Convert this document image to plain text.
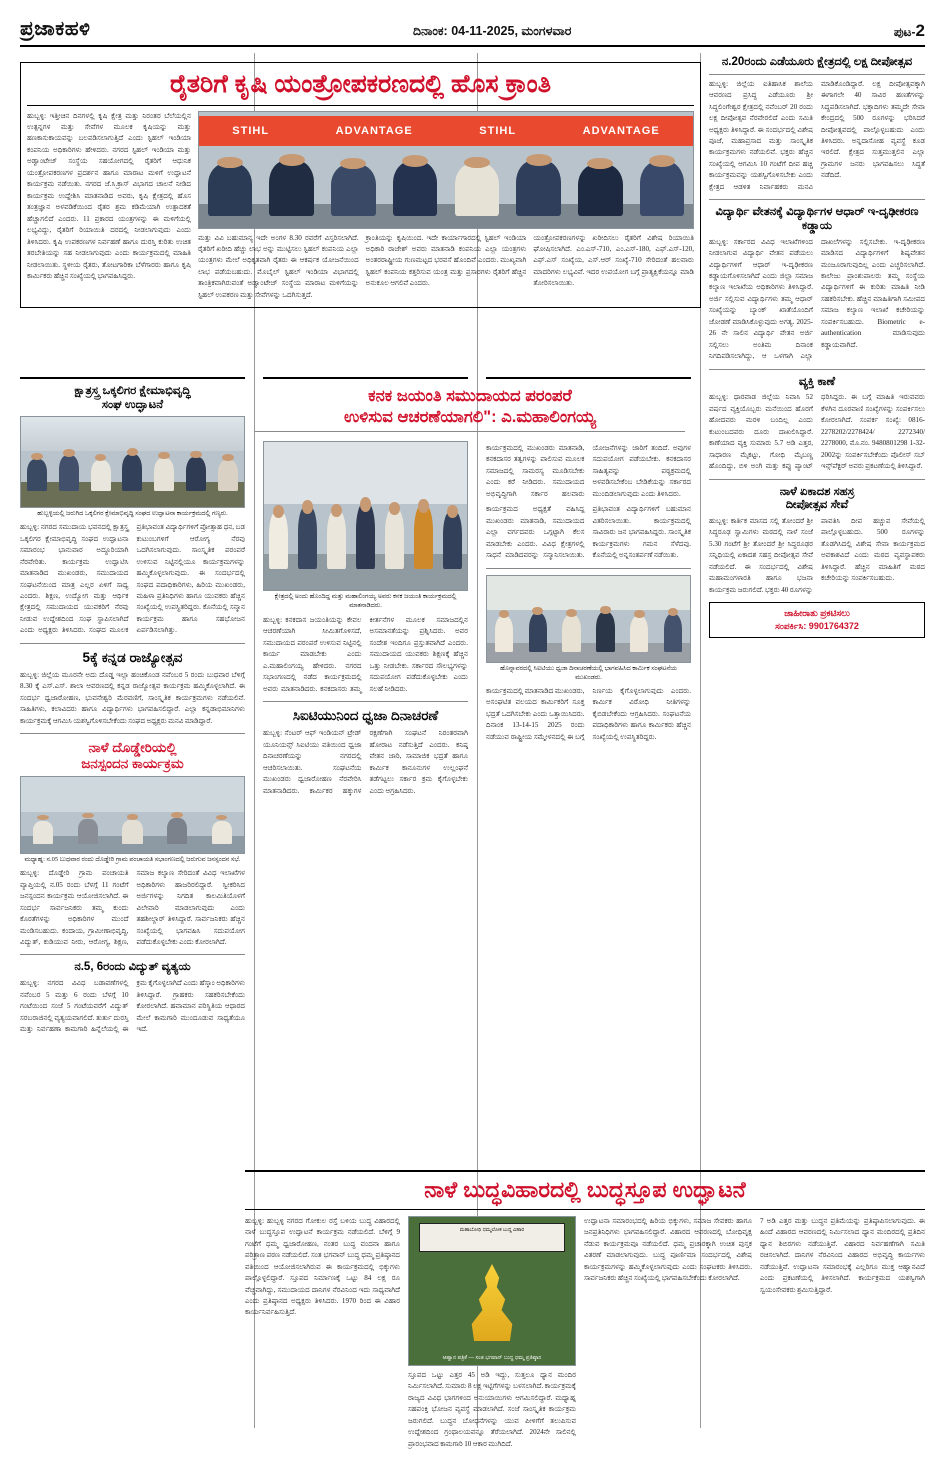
ಪ್ರಜಾಕಹಳಿ	ದಿನಾಂಕ: 04-11-2025, ಮಂಗಳವಾರ	ಪುಟ-2
ಕ್ಷಾತ್ರಸ್ತ್ರ ಒಕ್ಕಲಿಗರ ಕ್ಷೇಮಾಭಿವೃದ್ಧಿ
ಸಂಘ ಉದ್ಘಾಟನೆ
ಹುಬ್ಬಳ್ಳಿಯಲ್ಲಿ ಜರುಗಿದ ಒಕ್ಕಲಿಗರ ಕ್ಷೇಮಾಭಿವೃದ್ಧಿ ಸಂಘದ ಉದ್ಘಾಟನಾ ಕಾರ್ಯಕ್ರಮದಲ್ಲಿ ಗಣ್ಯರು.
ಹುಬ್ಬಳ್ಳಿ: ನಗರದ ಸಮುದಾಯ ಭವನದಲ್ಲಿ ಕ್ಷಾತ್ರಸ್ತ್ರ ಒಕ್ಕಲಿಗರ ಕ್ಷೇಮಾಭಿವೃದ್ಧಿ ಸಂಘದ ಉದ್ಘಾಟನಾ ಸಮಾರಂಭ ಭಾನುವಾರ ಅದ್ಧೂರಿಯಾಗಿ ನೆರವೇರಿತು. ಕಾರ್ಯಕ್ರಮ ಉದ್ಘಾಟಿಸಿ ಮಾತನಾಡಿದ ಮುಖಂಡರು, ಸಮುದಾಯದ ಸಂಘಟನೆಯಿಂದ ಮಾತ್ರ ಎಲ್ಲರ ಏಳಿಗೆ ಸಾಧ್ಯ ಎಂದರು. ಶಿಕ್ಷಣ, ಉದ್ಯೋಗ ಮತ್ತು ಆರ್ಥಿಕ ಕ್ಷೇತ್ರದಲ್ಲಿ ಸಮುದಾಯದ ಯುವಕರಿಗೆ ನೆರವು ನೀಡುವ ಉದ್ದೇಶದಿಂದ ಸಂಘ ಸ್ಥಾಪಿಸಲಾಗಿದೆ ಎಂದು ಅಧ್ಯಕ್ಷರು ತಿಳಿಸಿದರು. ಸಂಘದ ಮೂಲಕ ಪ್ರತಿಭಾವಂತ ವಿದ್ಯಾರ್ಥಿಗಳಿಗೆ ಪ್ರೋತ್ಸಾಹ ಧನ, ಬಡ ಕುಟುಂಬಗಳಿಗೆ ಆರೋಗ್ಯ ನೆರವು ಒದಗಿಸಲಾಗುವುದು. ಸಾಂಸ್ಕೃತಿಕ ಪರಂಪರೆ ಉಳಿಸುವ ನಿಟ್ಟಿನಲ್ಲಿಯೂ ಕಾರ್ಯಕ್ರಮಗಳನ್ನು ಹಮ್ಮಿಕೊಳ್ಳಲಾಗುವುದು. ಈ ಸಂದರ್ಭದಲ್ಲಿ ಸಂಘದ ಪದಾಧಿಕಾರಿಗಳು, ಹಿರಿಯ ಮುಖಂಡರು, ಮಹಿಳಾ ಪ್ರತಿನಿಧಿಗಳು ಹಾಗೂ ಯುವಕರು ಹೆಚ್ಚಿನ ಸಂಖ್ಯೆಯಲ್ಲಿ ಉಪಸ್ಥಿತರಿದ್ದರು. ಕೊನೆಯಲ್ಲಿ ಸನ್ಮಾನ ಕಾರ್ಯಕ್ರಮ ಹಾಗೂ ಸಹಭೋಜನ ಏರ್ಪಡಿಸಲಾಗಿತ್ತು.
5ಕ್ಕೆ ಕನ್ನಡ ರಾಜ್ಯೋತ್ಸವ
ಹುಬ್ಬಳ್ಳಿ: ಜಿಲ್ಲೆಯ ಮೂರನೇ ಅದು ದೊಡ್ಡ ಇಲ್ಲಾ ಹಂಚಿಕೊಂಡ ನವೆಂಬರ 5 ರಂದು ಬುಧವಾರ ಬೆಳಿಗ್ಗೆ 8.30 ಕ್ಕೆ ಎಸ್.ಎಸ್. ಶಾಲಾ ಆವರಣದಲ್ಲಿ ಕನ್ನಡ ರಾಜ್ಯೋತ್ಸವ ಕಾರ್ಯಕ್ರಮ ಹಮ್ಮಿಕೊಳ್ಳಲಾಗಿದೆ. ಈ ಸಂದರ್ಭ ಧ್ವಜಾರೋಹಣ, ಭುವನೇಶ್ವರಿ ಮೆರವಣಿಗೆ, ಸಾಂಸ್ಕೃತಿಕ ಕಾರ್ಯಕ್ರಮಗಳು ನಡೆಯಲಿವೆ. ಸಾಹಿತಿಗಳು, ಕಲಾವಿದರು ಹಾಗೂ ವಿದ್ಯಾರ್ಥಿಗಳು ಭಾಗವಹಿಸಲಿದ್ದಾರೆ. ಎಲ್ಲಾ ಕನ್ನಡಾಭಿಮಾನಿಗಳು ಕಾರ್ಯಕ್ರಮಕ್ಕೆ ಆಗಮಿಸಿ ಯಶಸ್ವಿಗೊಳಿಸಬೇಕೆಂದು ಸಂಘದ ಅಧ್ಯಕ್ಷರು ಮನವಿ ಮಾಡಿದ್ದಾರೆ.
ನಾಳೆ ದೊಡ್ಡೇರಿಯಲ್ಲಿ
ಜನಸ್ಪಂದನ ಕಾರ್ಯಕ್ರಮ
ಮಧ್ಯಾಹ್ನ: ನ.05 ಬುಧವಾರ ರಂದು ದೊಡ್ಡೇರಿ ಗ್ರಾಮ ಪಂಚಾಯತಿ ಸಭಾಂಗಣದಲ್ಲಿ ಜರುಗುವ ಜನಸ್ಪಂದನ ಸಭೆ.
ಹುಬ್ಬಳ್ಳಿ: ದೊಡ್ಡೇರಿ ಗ್ರಾಮ ಪಂಚಾಯತಿ ವ್ಯಾಪ್ತಿಯಲ್ಲಿ ನ.05 ರಂದು ಬೆಳಗ್ಗೆ 11 ಗಂಟೆಗೆ ಜನಸ್ಪಂದನ ಕಾರ್ಯಕ್ರಮ ಆಯೋಜಿಸಲಾಗಿದೆ. ಈ ಸಂದರ್ಭ ಸಾರ್ವಜನಿಕರು ತಮ್ಮ ಕುಂದು ಕೊರತೆಗಳನ್ನು ಅಧಿಕಾರಿಗಳ ಮುಂದೆ ಮಂಡಿಸಬಹುದು. ಕಂದಾಯ, ಗ್ರಾಮೀಣಾಭಿವೃದ್ಧಿ, ವಿದ್ಯುತ್, ಕುಡಿಯುವ ನೀರು, ಆರೋಗ್ಯ, ಶಿಕ್ಷಣ, ಸಮಾಜ ಕಲ್ಯಾಣ ಸೇರಿದಂತೆ ವಿವಿಧ ಇಲಾಖೆಗಳ ಅಧಿಕಾರಿಗಳು ಹಾಜರಿರಲಿದ್ದಾರೆ. ಸ್ವೀಕರಿಸಿದ ಅರ್ಜಿಗಳನ್ನು ನಿಗದಿತ ಕಾಲಮಿತಿಯೊಳಗೆ ವಿಲೇವಾರಿ ಮಾಡಲಾಗುವುದು ಎಂದು ತಹಶೀಲ್ದಾರ್ ತಿಳಿಸಿದ್ದಾರೆ. ಸಾರ್ವಜನಿಕರು ಹೆಚ್ಚಿನ ಸಂಖ್ಯೆಯಲ್ಲಿ ಭಾಗವಹಿಸಿ ಸದುಪಯೋಗ ಪಡೆದುಕೊಳ್ಳಬೇಕು ಎಂದು ಕೋರಲಾಗಿದೆ.
ನ.5, 6ರಂದು ವಿದ್ಯುತ್ ವ್ಯತ್ಯಯ
ಹುಬ್ಬಳ್ಳಿ: ನಗರದ ವಿವಿಧ ಬಡಾವಣೆಗಳಲ್ಲಿ ನವೆಂಬರ 5 ಮತ್ತು 6 ರಂದು ಬೆಳಗ್ಗೆ 10 ಗಂಟೆಯಿಂದ ಸಂಜೆ 5 ಗಂಟೆಯವರೆಗೆ ವಿದ್ಯುತ್ ಸರಬರಾಜಿನಲ್ಲಿ ವ್ಯತ್ಯಯವಾಗಲಿದೆ. ತುರ್ತು ದುರಸ್ತಿ ಮತ್ತು ನಿರ್ವಹಣಾ ಕಾಮಗಾರಿ ಹಿನ್ನೆಲೆಯಲ್ಲಿ ಈ ಕ್ರಮ ಕೈಗೊಳ್ಳಲಾಗಿದೆ ಎಂದು ಹೆಸ್ಕಾಂ ಅಧಿಕಾರಿಗಳು ತಿಳಿಸಿದ್ದಾರೆ. ಗ್ರಾಹಕರು ಸಹಕರಿಸಬೇಕೆಂದು ಕೋರಲಾಗಿದೆ. ಹವಾಮಾನ ಪರಿಸ್ಥಿತಿಯ ಆಧಾರದ ಮೇಲೆ ಕಾಮಗಾರಿ ಮುಂದೂಡುವ ಸಾಧ್ಯತೆಯೂ ಇದೆ.
ಕ್ಷೇತ್ರದಲ್ಲಿ ಅಂದು ಹೊಂದಿದ್ದ ಮತ್ತು ಮಹಾಲಿಂಗಯ್ಯ ಅವರು ಕನಕ ಜಯಂತಿ ಕಾರ್ಯಕ್ರಮದಲ್ಲಿ ಮಾತನಾಡಿದರು.
ಹುಬ್ಬಳ್ಳಿ: ಕನಕದಾಸ ಜಯಂತಿಯನ್ನು ಕೇವಲ ಆಚರಣೆಯಾಗಿ ಸೀಮಿತಗೊಳಿಸದೆ, ಸಮುದಾಯದ ಪರಂಪರೆ ಉಳಿಸುವ ನಿಟ್ಟಿನಲ್ಲಿ ಕಾರ್ಯ ಮಾಡಬೇಕು ಎಂದು ಎ.ಮಹಾಲಿಂಗಯ್ಯ ಹೇಳಿದರು. ನಗರದ ಸಭಾಂಗಣದಲ್ಲಿ ನಡೆದ ಕಾರ್ಯಕ್ರಮದಲ್ಲಿ ಅವರು ಮಾತನಾಡಿದರು. ಕನಕದಾಸರು ತಮ್ಮ ಕೀರ್ತನೆಗಳ ಮೂಲಕ ಸಮಾಜದಲ್ಲಿನ ಅಸಮಾನತೆಯನ್ನು ಪ್ರಶ್ನಿಸಿದರು. ಅವರ ಸಂದೇಶ ಇಂದಿಗೂ ಪ್ರಸ್ತುತವಾಗಿದೆ ಎಂದರು. ಸಮುದಾಯದ ಯುವಕರು ಶಿಕ್ಷಣಕ್ಕೆ ಹೆಚ್ಚಿನ ಒತ್ತು ನೀಡಬೇಕು. ಸರ್ಕಾರದ ಸೌಲಭ್ಯಗಳನ್ನು ಸದುಪಯೋಗ ಪಡೆದುಕೊಳ್ಳಬೇಕು ಎಂದು ಸಲಹೆ ನೀಡಿದರು.
ಸಿಐಟಿಯುನಿಂದ ಧ್ವಜಾ ದಿನಾಚರಣೆ
ಹುಬ್ಬಳ್ಳಿ: ಸೆಂಟರ್ ಆಫ್ ಇಂಡಿಯನ್ ಟ್ರೇಡ್ ಯೂನಿಯನ್ಸ್ ಸಿಐಟಿಯು ವತಿಯಿಂದ ಧ್ವಜಾ ದಿನಾಚರಣೆಯನ್ನು ನಗರದಲ್ಲಿ ಆಚರಿಸಲಾಯಿತು. ಸಂಘಟನೆಯ ಮುಖಂಡರು ಧ್ವಜಾರೋಹಣ ನೆರವೇರಿಸಿ ಮಾತನಾಡಿದರು. ಕಾರ್ಮಿಕರ ಹಕ್ಕುಗಳ ರಕ್ಷಣೆಗಾಗಿ ಸಂಘಟನೆ ನಿರಂತರವಾಗಿ ಹೋರಾಟ ನಡೆಸುತ್ತಿದೆ ಎಂದರು. ಕನಿಷ್ಠ ವೇತನ ಜಾರಿ, ಸಾಮಾಜಿಕ ಭದ್ರತೆ ಹಾಗೂ ಕಾರ್ಮಿಕ ಕಾನೂನುಗಳ ಉಲ್ಲಂಘನೆ ತಡೆಗಟ್ಟಲು ಸರ್ಕಾರ ಕ್ರಮ ಕೈಗೊಳ್ಳಬೇಕು ಎಂದು ಆಗ್ರಹಿಸಿದರು.
ಕಾರ್ಯಕ್ರಮದಲ್ಲಿ ಮುಖಂಡರು ಮಾತನಾಡಿ, ಕನಕದಾಸರ ತತ್ವಗಳನ್ನು ಪಾಲಿಸುವ ಮೂಲಕ ಸಮಾಜದಲ್ಲಿ ಸಾಮರಸ್ಯ ಮೂಡಿಸಬೇಕು ಎಂದು ಕರೆ ನೀಡಿದರು. ಸಮುದಾಯದ ಅಭಿವೃದ್ಧಿಗಾಗಿ ಸರ್ಕಾರ ಹಲವಾರು ಯೋಜನೆಗಳನ್ನು ಜಾರಿಗೆ ತಂದಿದೆ. ಅವುಗಳ ಸದುಪಯೋಗ ಪಡೆಯಬೇಕು. ಕನಕದಾಸರ ಸಾಹಿತ್ಯವನ್ನು ಪಠ್ಯಕ್ರಮದಲ್ಲಿ ಅಳವಡಿಸಬೇಕೆಂಬ ಬೇಡಿಕೆಯನ್ನು ಸರ್ಕಾರದ ಮುಂದಿಡಲಾಗುವುದು ಎಂದು ತಿಳಿಸಿದರು.
ಕಾರ್ಯಕ್ರಮದ ಅಧ್ಯಕ್ಷತೆ ವಹಿಸಿದ್ದ ಮುಖಂಡರು ಮಾತನಾಡಿ, ಸಮುದಾಯದ ಎಲ್ಲಾ ವರ್ಗದವರು ಒಗ್ಗಟ್ಟಾಗಿ ಕೆಲಸ ಮಾಡಬೇಕು ಎಂದರು. ವಿವಿಧ ಕ್ಷೇತ್ರಗಳಲ್ಲಿ ಸಾಧನೆ ಮಾಡಿದವರನ್ನು ಸನ್ಮಾನಿಸಲಾಯಿತು. ಪ್ರತಿಭಾವಂತ ವಿದ್ಯಾರ್ಥಿಗಳಿಗೆ ಬಹುಮಾನ ವಿತರಿಸಲಾಯಿತು. ಕಾರ್ಯಕ್ರಮದಲ್ಲಿ ಸಾವಿರಾರು ಜನ ಭಾಗವಹಿಸಿದ್ದರು. ಸಾಂಸ್ಕೃತಿಕ ಕಾರ್ಯಕ್ರಮಗಳು ಗಮನ ಸೆಳೆದವು. ಕೊನೆಯಲ್ಲಿ ಅನ್ನಸಂತರ್ಪಣೆ ನಡೆಯಿತು.
ಹೊನ್ನಾವರದಲ್ಲಿ ಸಿಐಟಿಯು ಧ್ವಜಾ ದಿನಾಚರಣೆಯಲ್ಲಿ ಭಾಗವಹಿಸಿದ ಕಾರ್ಮಿಕ ಸಂಘಟನೆಯ ಮುಖಂಡರು.
ಕಾರ್ಯಕ್ರಮದಲ್ಲಿ ಮಾತನಾಡಿದ ಮುಖಂಡರು, ಅಸಂಘಟಿತ ವಲಯದ ಕಾರ್ಮಿಕರಿಗೆ ಸೂಕ್ತ ಭದ್ರತೆ ಒದಗಿಸಬೇಕು ಎಂದು ಒತ್ತಾಯಿಸಿದರು. ದಿನಾಂಕ 13-14-15 2025 ರಂದು ನಡೆಯುವ ರಾಷ್ಟ್ರೀಯ ಸಮ್ಮೇಳನದಲ್ಲಿ ಈ ಬಗ್ಗೆ ನಿರ್ಣಯ ಕೈಗೊಳ್ಳಲಾಗುವುದು ಎಂದರು. ಕಾರ್ಮಿಕ ವಿರೋಧಿ ನೀತಿಗಳನ್ನು ಕೈಬಿಡಬೇಕೆಂದು ಆಗ್ರಹಿಸಿದರು. ಸಂಘಟನೆಯ ಪದಾಧಿಕಾರಿಗಳು ಹಾಗೂ ಕಾರ್ಮಿಕರು ಹೆಚ್ಚಿನ ಸಂಖ್ಯೆಯಲ್ಲಿ ಉಪಸ್ಥಿತರಿದ್ದರು.
ನ.20ರಂದು ಎಡೆಯೂರು ಕ್ಷೇತ್ರದಲ್ಲಿ ಲಕ್ಷ ದೀಪೋತ್ಸವ
ಹುಬ್ಬಳ್ಳಿ: ಜಿಲ್ಲೆಯ ಐತಿಹಾಸಿಕ ಶಾಲೆಯ ಆವರಣದ ಪ್ರಸಿದ್ಧ ಎಡೆಯೂರು ಶ್ರೀ ಸಿದ್ಧಲಿಂಗೇಶ್ವರ ಕ್ಷೇತ್ರದಲ್ಲಿ ನವೆಂಬರ್ 20 ರಂದು ಲಕ್ಷ ದೀಪೋತ್ಸವ ನೆರವೇರಲಿದೆ ಎಂದು ಸಮಿತಿ ಅಧ್ಯಕ್ಷರು ತಿಳಿಸಿದ್ದಾರೆ. ಈ ಸಂದರ್ಭದಲ್ಲಿ ವಿಶೇಷ ಪೂಜೆ, ಮಹಾಪ್ರಸಾದ ಮತ್ತು ಸಾಂಸ್ಕೃತಿಕ ಕಾರ್ಯಕ್ರಮಗಳು ನಡೆಯಲಿವೆ. ಭಕ್ತರು ಹೆಚ್ಚಿನ ಸಂಖ್ಯೆಯಲ್ಲಿ ಆಗಮಿಸಿ 10 ಗಂಟೆಗೆ ದೀಪ ಹಚ್ಚಿ ಕಾರ್ಯಕ್ರಮವನ್ನು ಯಶಸ್ವಿಗೊಳಿಸಬೇಕು ಎಂದು ಕ್ಷೇತ್ರದ ಆಡಳಿತ ನಿರ್ವಾಹಕರು ಮನವಿ ಮಾಡಿಕೊಂಡಿದ್ದಾರೆ. ಲಕ್ಷ ದೀಪೋತ್ಸವಕ್ಕಾಗಿ ಈಗಾಗಲೇ 40 ಸಾವಿರ ಹಣತೆಗಳನ್ನು ಸಿದ್ಧಪಡಿಸಲಾಗಿದೆ. ಭಕ್ತಾದಿಗಳು ತಮ್ಮದೇ ಸೇವಾ ಕೇಂದ್ರದಲ್ಲಿ 500 ರೂಗಳನ್ನು ಭರಿಸಿದರೆ ದೀಪೋತ್ಸವದಲ್ಲಿ ಪಾಲ್ಗೊಳ್ಳಬಹುದು ಎಂದು ತಿಳಿಸಿದರು. ಅನ್ನದಾಸೋಹ ವ್ಯವಸ್ಥೆ ಕೂಡ ಇರಲಿದೆ. ಕ್ಷೇತ್ರದ ಸುತ್ತಮುತ್ತಲಿನ ಎಲ್ಲಾ ಗ್ರಾಮಗಳ ಜನರು ಭಾಗವಹಿಸಲು ಸಿದ್ಧತೆ ನಡೆದಿದೆ.
ವಿದ್ಯಾರ್ಥಿ ವೇತನಕ್ಕೆ ವಿದ್ಯಾರ್ಥಿಗಳ ಆಧಾರ್ ಇ-ದೃಢೀಕರಣ ಕಡ್ಡಾಯ
ಹುಬ್ಬಳ್ಳಿ: ಸರ್ಕಾರದ ವಿವಿಧ ಇಲಾಖೆಗಳಿಂದ ನೀಡಲಾಗುವ ವಿದ್ಯಾರ್ಥಿ ವೇತನ ಪಡೆಯಲು ವಿದ್ಯಾರ್ಥಿಗಳಿಗೆ ಆಧಾರ್ ಇ-ದೃಢೀಕರಣ ಕಡ್ಡಾಯಗೊಳಿಸಲಾಗಿದೆ ಎಂದು ಜಿಲ್ಲಾ ಸಮಾಜ ಕಲ್ಯಾಣ ಇಲಾಖೆಯ ಅಧಿಕಾರಿಗಳು ತಿಳಿಸಿದ್ದಾರೆ. ಅರ್ಜಿ ಸಲ್ಲಿಸುವ ವಿದ್ಯಾರ್ಥಿಗಳು ತಮ್ಮ ಆಧಾರ್ ಸಂಖ್ಯೆಯನ್ನು ಬ್ಯಾಂಕ್ ಖಾತೆಯೊಂದಿಗೆ ಜೋಡಣೆ ಮಾಡಿಸಿಕೊಳ್ಳುವುದು ಅಗತ್ಯ. 2025-26 ನೇ ಸಾಲಿನ ವಿದ್ಯಾರ್ಥಿ ವೇತನ ಅರ್ಜಿ ಸಲ್ಲಿಸಲು ಅಂತಿಮ ದಿನಾಂಕ ನಿಗದಿಪಡಿಸಲಾಗಿದ್ದು, ಆ ಒಳಗಾಗಿ ಎಲ್ಲಾ ದಾಖಲೆಗಳನ್ನು ಸಲ್ಲಿಸಬೇಕು. ಇ-ದೃಢೀಕರಣ ಮಾಡಿಸದ ವಿದ್ಯಾರ್ಥಿಗಳಿಗೆ ಶಿಷ್ಯವೇತನ ಮಂಜೂರಾಗುವುದಿಲ್ಲ ಎಂದು ಎಚ್ಚರಿಸಲಾಗಿದೆ. ಕಾಲೇಜು ಪ್ರಾಂಶುಪಾಲರು ತಮ್ಮ ಸಂಸ್ಥೆಯ ವಿದ್ಯಾರ್ಥಿಗಳಿಗೆ ಈ ಕುರಿತು ಮಾಹಿತಿ ನೀಡಿ ಸಹಕರಿಸಬೇಕು. ಹೆಚ್ಚಿನ ಮಾಹಿತಿಗಾಗಿ ಸಮೀಪದ ಸಮಾಜ ಕಲ್ಯಾಣ ಇಲಾಖೆ ಕಚೇರಿಯನ್ನು ಸಂಪರ್ಕಿಸಬಹುದು. Biometric e-authentication ಮಾಡಿಸುವುದು ಕಡ್ಡಾಯವಾಗಿದೆ.
ವ್ಯಕ್ತಿ ಕಾಣೆ
ಹುಬ್ಬಳ್ಳಿ: ಧಾರವಾಡ ಜಿಲ್ಲೆಯ ನಿವಾಸಿ 52 ವರ್ಷದ ವ್ಯಕ್ತಿಯೊಬ್ಬರು ಮನೆಯಿಂದ ಹೊರಗೆ ಹೋದವರು ಮರಳಿ ಬಂದಿಲ್ಲ ಎಂದು ಕುಟುಂಬದವರು ದೂರು ದಾಖಲಿಸಿದ್ದಾರೆ. ಕಾಣೆಯಾದ ವ್ಯಕ್ತಿ ಸುಮಾರು 5.7 ಅಡಿ ಎತ್ತರ, ಸಾಧಾರಣ ಮೈಕಟ್ಟು, ಗೋಧಿ ಮೈಬಣ್ಣ ಹೊಂದಿದ್ದು, ಬಿಳಿ ಅಂಗಿ ಮತ್ತು ಕಪ್ಪು ಪ್ಯಾಂಟ್ ಧರಿಸಿದ್ದರು. ಈ ಬಗ್ಗೆ ಮಾಹಿತಿ ಇರುವವರು ಕೆಳಗಿನ ದೂರವಾಣಿ ಸಂಖ್ಯೆಗಳನ್ನು ಸಂಪರ್ಕಿಸಲು ಕೋರಲಾಗಿದೆ. ಸಂಪರ್ಕ ಸಂಖ್ಯೆ: 0816-2278202/2278424/ 2272340/ 2278000, ಮೊ.ನಂ. 9480801298 1-32-2002ನ್ನು ಸಂಪರ್ಕಿಸಬೇಕೆಂದು ಪೊಲೀಸ್ ಸಬ್ ಇನ್ಸ್‌ಪೆಕ್ಟರ್ ಅವರು ಪ್ರಕಟಣೆಯಲ್ಲಿ ತಿಳಿಸಿದ್ದಾರೆ.
ನಾಳೆ ಏಕಾದಶ ಸಹಸ್ರ
ದೀಪೋತ್ಸವ ಸೇವೆ
ಹುಬ್ಬಳ್ಳಿ: ಕಾರ್ತಿಕ ಮಾಸದ ಸಲ್ಲಿ ತೋಂದರೆ ಶ್ರೀ ಸಿದ್ಧರೂಢ ಸ್ವಾಮಿಗಳು ಮಠದಲ್ಲಿ ನಾಳೆ ಸಂಜೆ 5.30 ಗಂಟೆಗೆ ಶ್ರೀ ತೋಂದರೆ ಶ್ರೀ ಸಿದ್ಧರೂಢರ ಸನ್ನಿಧಿಯಲ್ಲಿ ಏಕಾದಶ ಸಹಸ್ರ ದೀಪೋತ್ಸವ ಸೇವೆ ನಡೆಯಲಿದೆ. ಈ ಸಂದರ್ಭದಲ್ಲಿ ವಿಶೇಷ ಮಹಾಮಂಗಳಾರತಿ ಹಾಗೂ ಭಜನಾ ಕಾರ್ಯಕ್ರಮ ಜರುಗಲಿದೆ. ಭಕ್ತರು 40 ರೂಗಳನ್ನು ಪಾವತಿಸಿ ದೀಪ ಹಚ್ಚುವ ಸೇವೆಯಲ್ಲಿ ಪಾಲ್ಗೊಳ್ಳಬಹುದು. 500 ರೂಗಳನ್ನು ತೊಡಗಿಸಿದಲ್ಲಿ ವಿಶೇಷ ಸೇವಾ ಕಾರ್ಯಕ್ರಮದ ಅವಕಾಶವಿದೆ ಎಂದು ಮಠದ ವ್ಯವಸ್ಥಾಪಕರು ತಿಳಿಸಿದ್ದಾರೆ. ಹೆಚ್ಚಿನ ಮಾಹಿತಿಗೆ ಮಠದ ಕಚೇರಿಯನ್ನು ಸಂಪರ್ಕಿಸಬಹುದು.
ಜಾಹೀರಾತು ಪ್ರಕಟಿಸಲು
ಸಂಪರ್ಕಿಸಿ: 9901764372
ರೈತರಿಗೆ ಕೃಷಿ ಯಂತ್ರೋಪಕರಣದಲ್ಲಿ ಹೊಸ ಕ್ರಾಂತಿ
ಹುಬ್ಬಳ್ಳಿ: ಇತ್ತೀಚಿನ ದಿನಗಳಲ್ಲಿ ಕೃಷಿ ಕ್ಷೇತ್ರ ಮತ್ತು ನಿರಂತರ ಬೆಲೆಯಲ್ಲಿನ ಉತ್ಪನ್ನಗಳ ಮತ್ತು ಸೇವೆಗಳ ಮೂಲಕ ಕೃಷಿಯನ್ನು ಮತ್ತು ಹಣಕಾಸುಕಾಯವನ್ನು ಬಲಪಡಿಸಲಾಗುತ್ತಿದೆ ಎಂದು ಸ್ಟಿಹಲ್ ಇಂಡಿಯಾ ಕಂಪನಿಯ ಅಧಿಕಾರಿಗಳು ಹೇಳಿದರು. ನಗರದ ಸ್ಟಿಹಲ್ ಇಂಡಿಯಾ ಮತ್ತು ಅಡ್ವಾಂಟೇಜ್ ಸಂಸ್ಥೆಯ ಸಹಯೋಗದಲ್ಲಿ ರೈತರಿಗೆ ಆಧುನಿಕ ಯಂತ್ರೋಪಕರಣಗಳ ಪ್ರದರ್ಶನ ಹಾಗೂ ಮಾರಾಟ ಮಳಿಗೆ ಉದ್ಘಾಟನೆ ಕಾರ್ಯಕ್ರಮ ನಡೆಯಿತು. ನಗರದ ಜೆ.ಸಿ.ಕ್ರಾಸ್ ವಿಭಾಗದ ಚಾಲನೆ ನೀಡಿದ ಕಾರ್ಯಕ್ರಮ ಉದ್ದೇಶಿಸಿ ಮಾತನಾಡಿದ ಅವರು, ಕೃಷಿ ಕ್ಷೇತ್ರದಲ್ಲಿ ಹೊಸ ತಂತ್ರಜ್ಞಾನ ಅಳವಡಿಕೆಯಿಂದ ರೈತರ ಶ್ರಮ ಕಡಿಮೆಯಾಗಿ ಉತ್ಪಾದಕತೆ ಹೆಚ್ಚಾಗಲಿದೆ ಎಂದರು. 11 ಪ್ರಕಾರದ ಯಂತ್ರಗಳನ್ನು ಈ ಮಳಿಗೆಯಲ್ಲಿ ಲಭ್ಯವಿದ್ದು, ರೈತರಿಗೆ ರಿಯಾಯಿತಿ ದರದಲ್ಲಿ ನೀಡಲಾಗುವುದು ಎಂದು ತಿಳಿಸಿದರು. ಕೃಷಿ ಉಪಕರಣಗಳ ನಿರ್ವಹಣೆ ಹಾಗೂ ದುರಸ್ತಿ ಕುರಿತು ಉಚಿತ ತರಬೇತಿಯನ್ನು ಸಹ ನೀಡಲಾಗುವುದು ಎಂದು ಕಾರ್ಯಕ್ರಮದಲ್ಲಿ ಮಾಹಿತಿ ನೀಡಲಾಯಿತು. ಸ್ಥಳೀಯ ರೈತರು, ತೋಟಗಾರಿಕಾ ಬೆಳೆಗಾರರು ಹಾಗೂ ಕೃಷಿ ಕಾರ್ಮಿಕರು ಹೆಚ್ಚಿನ ಸಂಖ್ಯೆಯಲ್ಲಿ ಭಾಗವಹಿಸಿದ್ದರು.
STIHL	ADVANTAGE	STIHL	ADVANTAGE
ಮತ್ತು ವಿವಿ ಬಹುಮಾನ್ಯ ಇದೇ ಅಂಗಳ 8.30 ರವರೆಗೆ ವಿಸ್ತರಿಸಲಾಗಿದೆ. ರೈತರಿಗೆ ಖರೀದಿ ಹೆಚ್ಚು ಲಾಭ ಅನ್ನು ಮುಟ್ಟಿಸಲು ಸ್ಟಿಹಲ್ ಕಂಪನಿಯ ಎಲ್ಲಾ ಯಂತ್ರಗಳು ಮೇಲೆ ಅಧಿಕೃತವಾಗಿ ರೈತರು ಈ ಆಕರ್ಷಕ ಯೋಜನೆಯಿಂದ ಲಾಭ ಪಡೆಯಬಹುದು. ಮೊಬೈಲ್ ಸ್ಟಿಹಲ್ ಇಂಡಿಯಾ ವಿಭಾಗದಲ್ಲಿ ತಾಂತ್ರಿಕವಾಗಿರುವಂತೆ ಅಡ್ವಾಂಟೇಜ್ ಸಂಸ್ಥೆಯ ಮಾರಾಟ ಮಳಿಗೆಯನ್ನು ಸ್ಟಿಹಲ್ ಉಪಕರಣ ಮತ್ತು ಸೇವೆಗಳನ್ನು ಒದಗಿಸುತ್ತದೆ.
ಕ್ರಾಂತಿಯನ್ನು ಕೃಷಿಯಿಂದ. ಇದೇ ಕಾರ್ಯಾಗಾರದಲ್ಲಿ ಸ್ಟಿಹಲ್ ಇಂಡಿಯಾ ಅಧಿಕಾರಿ ರಾಜೇಶ್ ಅವರು ಮಾತನಾಡಿ ಕಂಪನಿಯ ಎಲ್ಲಾ ಯಂತ್ರಗಳು ಅಂತರರಾಷ್ಟ್ರೀಯ ಗುಣಮಟ್ಟದ ಭರವಸೆ ಹೊಂದಿವೆ ಎಂದರು. ಮುಖ್ಯವಾಗಿ ಸ್ಟಿಹಲ್ ಕಂಪನಿಯ ಕತ್ತರಿಸುವ ಯಂತ್ರ ಮತ್ತು ಪ್ರಸಾರಗಳು ರೈತರಿಗೆ ಹೆಚ್ಚಿನ ಅನುಕೂಲ ಆಗಲಿವೆ ಎಂದರು.
ಯಂತ್ರೋಪಕರಣಗಳನ್ನು ಖರೀದಿಸಲು ರೈತರಿಗೆ ವಿಶೇಷ ರಿಯಾಯಿತಿ ಘೋಷಿಸಲಾಗಿದೆ. ಎಂ.ಎಸ್-710, ಎಂ.ಎಸ್-180, ಎಫ್.ಎಸ್-120, ಎಫ್.ಎಸ್ ಸಂಖ್ಯೆಯ, ಎಸ್.ಆರ್ ಸಂಖ್ಯೆ-710 ಸೇರಿದಂತೆ ಹಲವಾರು ಮಾದರಿಗಳು ಲಭ್ಯವಿವೆ. ಇದರ ಉಪಯೋಗ ಬಗ್ಗೆ ಪ್ರಾತ್ಯಕ್ಷಿಕೆಯನ್ನೂ ಮಾಡಿ ತೋರಿಸಲಾಯಿತು.
ಕನಕ ಜಯಂತಿ ಸಮುದಾಯದ ಪರಂಪರೆ
ಉಳಿಸುವ ಆಚರಣೆಯಾಗಲಿ": ಎ.ಮಹಾಲಿಂಗಯ್ಯ
ನಾಳೆ ಬುದ್ಧವಿಹಾರದಲ್ಲಿ ಬುದ್ಧಸ್ತೂಪ ಉದ್ಘಾಟನೆ
ಹುಬ್ಬಳ್ಳಿ: ಹುಬ್ಬಳ್ಳಿ ನಗರದ ಗೋಕುಲ ರಸ್ತೆ ಬಳಿಯ ಬುದ್ಧ ವಿಹಾರದಲ್ಲಿ ನಾಳೆ ಬುದ್ಧಸ್ತೂಪ ಉದ್ಘಾಟನೆ ಕಾರ್ಯಕ್ರಮ ನಡೆಯಲಿದೆ. ಬೆಳಿಗ್ಗೆ 9 ಗಂಟೆಗೆ ಧಮ್ಮ ಧ್ವಜಾರೋಹಣ, ನಂತರ ಬುದ್ಧ ವಂದನಾ ಹಾಗೂ ಪರಿತ್ರಾಣ ಪಠಣ ನಡೆಯಲಿದೆ. ಸಂತ ಭಗವಾನ್ ಬುದ್ಧ ಧಮ್ಮ ಪ್ರತಿಷ್ಠಾನದ ವತಿಯಿಂದ ಆಯೋಜಿಸಲಾಗಿರುವ ಈ ಕಾರ್ಯಕ್ರಮದಲ್ಲಿ ಭಿಕ್ಕುಗಳು ಪಾಲ್ಗೊಳ್ಳಲಿದ್ದಾರೆ. ಸ್ತೂಪದ ನಿರ್ಮಾಣಕ್ಕೆ ಒಟ್ಟು 84 ಲಕ್ಷ ರೂ ವೆಚ್ಚವಾಗಿದ್ದು, ಸಮುದಾಯದ ದಾನಿಗಳ ನೆರವಿನಿಂದ ಇದು ಸಾಧ್ಯವಾಗಿದೆ ಎಂದು ಪ್ರತಿಷ್ಠಾನದ ಅಧ್ಯಕ್ಷರು ತಿಳಿಸಿದರು. 1970 ರಿಂದ ಈ ವಿಹಾರ ಕಾರ್ಯನಿರ್ವಹಿಸುತ್ತಿದೆ.
ಮಹಾಬೋಧಿ ಧಮ್ಮಲೋಕ ಬುದ್ಧ ವಿಹಾರ
ಆಹ್ವಾನ ಪತ್ರಿಕೆ — ಸಂತ ಭಗವಾನ್ ಬುದ್ಧ ಧಮ್ಮ ಪ್ರತಿಷ್ಠಾನ
ಸ್ತೂಪದ ಒಟ್ಟು ಎತ್ತರ 45 ಅಡಿ ಇದ್ದು, ಸುತ್ತಲೂ ಧ್ಯಾನ ಮಂದಿರ ನಿರ್ಮಿಸಲಾಗಿದೆ. ಸುಮಾರು 8 ಲಕ್ಷ ಇಟ್ಟಿಗೆಗಳನ್ನು ಬಳಸಲಾಗಿದೆ. ಕಾರ್ಯಕ್ರಮಕ್ಕೆ ರಾಜ್ಯದ ವಿವಿಧ ಭಾಗಗಳಿಂದ ಅನುಯಾಯಿಗಳು ಆಗಮಿಸಲಿದ್ದಾರೆ. ಮಧ್ಯಾಹ್ನ ಸಹಪಂಕ್ತಿ ಭೋಜನ ವ್ಯವಸ್ಥೆ ಮಾಡಲಾಗಿದೆ. ಸಂಜೆ ಸಾಂಸ್ಕೃತಿಕ ಕಾರ್ಯಕ್ರಮ ಜರುಗಲಿದೆ. ಬುದ್ಧನ ಬೋಧನೆಗಳನ್ನು ಯುವ ಪೀಳಿಗೆಗೆ ತಲುಪಿಸುವ ಉದ್ದೇಶದಿಂದ ಗ್ರಂಥಾಲಯವನ್ನೂ ತೆರೆಯಲಾಗಿದೆ. 2024ನೇ ಸಾಲಿನಲ್ಲಿ ಪ್ರಾರಂಭವಾದ ಕಾಮಗಾರಿ 10 ಆಕಾರ ಮುಗಿದಿದೆ.
ಉದ್ಘಾಟನಾ ಸಮಾರಂಭದಲ್ಲಿ ಹಿರಿಯ ಭಿಕ್ಕುಗಳು, ಸಮಾಜ ಸೇವಕರು ಹಾಗೂ ಜನಪ್ರತಿನಿಧಿಗಳು ಭಾಗವಹಿಸಲಿದ್ದಾರೆ. ವಿಹಾರದ ಆವರಣದಲ್ಲಿ ಬೋಧಿವೃಕ್ಷ ನೆಡುವ ಕಾರ್ಯಕ್ರಮವೂ ನಡೆಯಲಿದೆ. ಧಮ್ಮ ಪ್ರಚಾರಕ್ಕಾಗಿ ಉಚಿತ ಪುಸ್ತಕ ವಿತರಣೆ ಮಾಡಲಾಗುವುದು. ಬುದ್ಧ ಪೂರ್ಣಿಮಾ ಸಂದರ್ಭದಲ್ಲಿ ವಿಶೇಷ ಕಾರ್ಯಕ್ರಮಗಳನ್ನು ಹಮ್ಮಿಕೊಳ್ಳಲಾಗುವುದು ಎಂದು ಸಂಘಟಕರು ತಿಳಿಸಿದರು. ಸಾರ್ವಜನಿಕರು ಹೆಚ್ಚಿನ ಸಂಖ್ಯೆಯಲ್ಲಿ ಭಾಗವಹಿಸಬೇಕೆಂದು ಕೋರಲಾಗಿದೆ.
7 ಅಡಿ ಎತ್ತರ ಮತ್ತು ಬುದ್ಧನ ಪ್ರತಿಮೆಯನ್ನು ಪ್ರತಿಷ್ಠಾಪಿಸಲಾಗುವುದು. ಈ ಹಿಂದೆ ವಿಹಾರದ ಆವರಣದಲ್ಲಿ ನಿರ್ಮಿಸಲಾದ ಧ್ಯಾನ ಮಂದಿರದಲ್ಲಿ ಪ್ರತಿದಿನ ಧ್ಯಾನ ಶಿಬಿರಗಳು ನಡೆಯುತ್ತಿವೆ. ವಿಹಾರದ ನಿರ್ವಹಣೆಗಾಗಿ ಸಮಿತಿ ರಚಿಸಲಾಗಿದೆ. ದಾನಿಗಳ ನೆರವಿನಿಂದ ವಿಹಾರದ ಅಭಿವೃದ್ಧಿ ಕಾರ್ಯಗಳು ನಡೆಯುತ್ತಿವೆ. ಉದ್ಘಾಟನಾ ಸಮಾರಂಭಕ್ಕೆ ಎಲ್ಲರಿಗೂ ಮುಕ್ತ ಆಹ್ವಾನವಿದೆ ಎಂದು ಪ್ರಕಟಣೆಯಲ್ಲಿ ತಿಳಿಸಲಾಗಿದೆ. ಕಾರ್ಯಕ್ರಮದ ಯಶಸ್ವಿಗಾಗಿ ಸ್ವಯಂಸೇವಕರು ಶ್ರಮಿಸುತ್ತಿದ್ದಾರೆ.
